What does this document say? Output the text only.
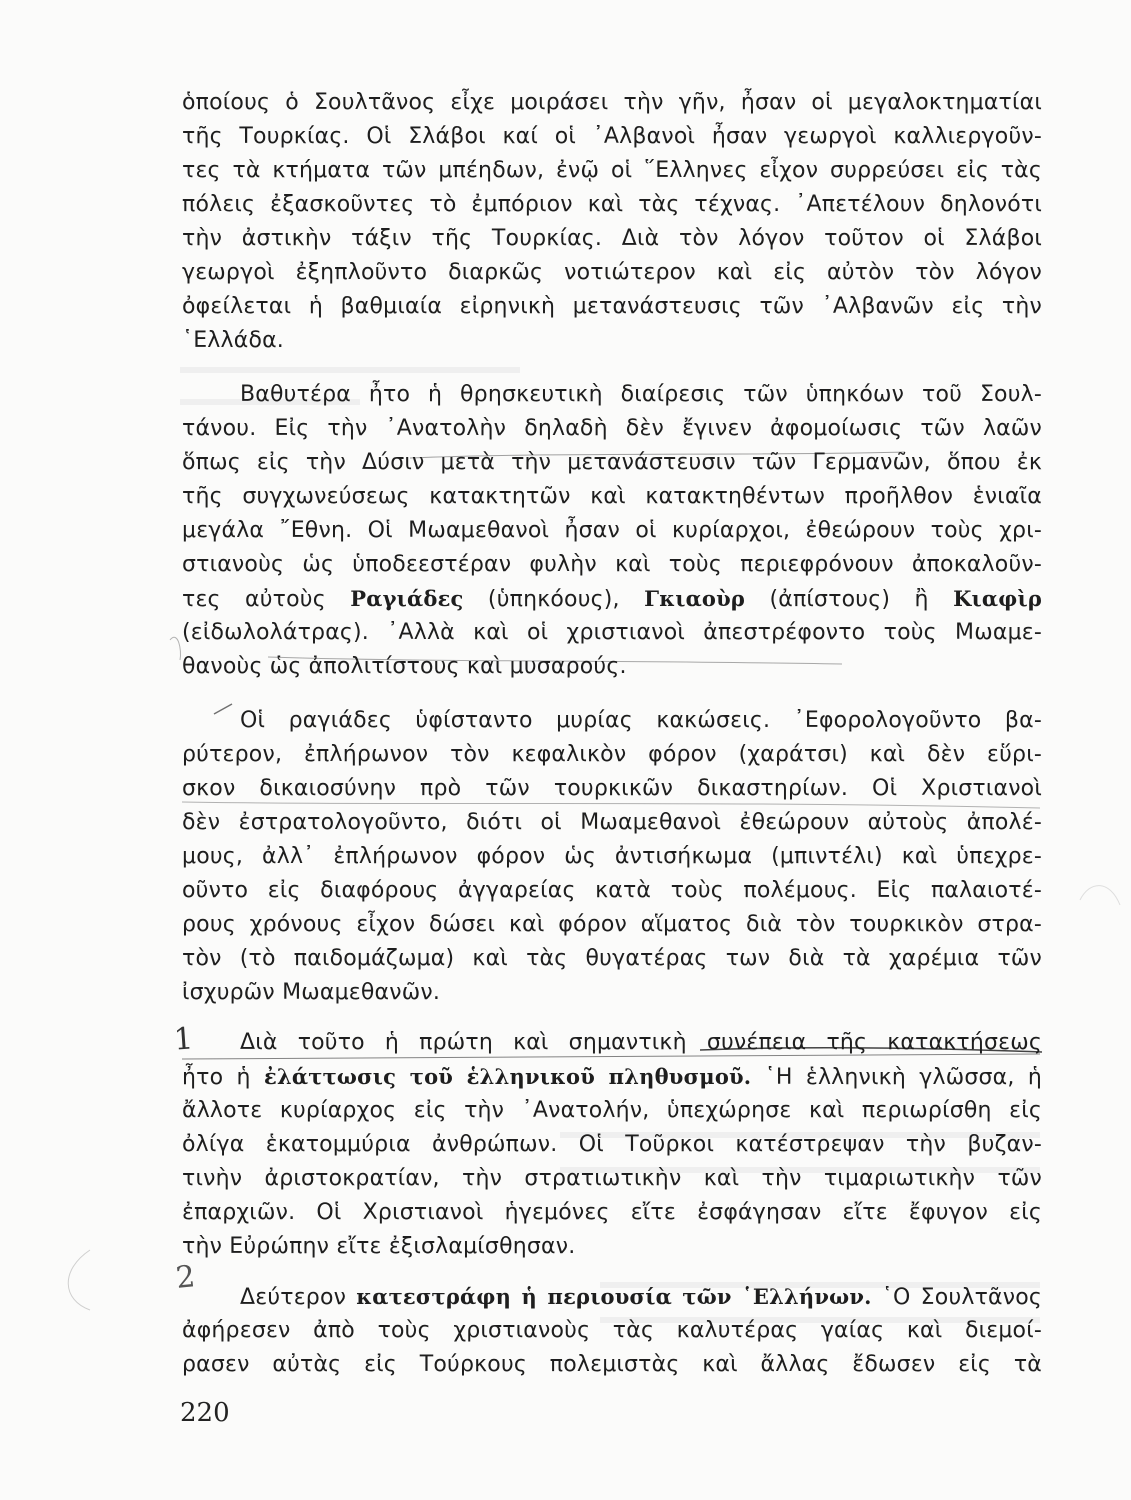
1
2
ὁποίους ὁ Σουλτᾶνος εἶχε μοιράσει τὴν γῆν, ἦσαν οἱ μεγαλοκτηματίαι
τῆς Τουρκίας. Οἱ Σλάβοι καί οἱ ᾿Αλβανοὶ ἦσαν γεωργοὶ καλλιεργοῦν-
τες τὰ κτήματα τῶν μπέηδων, ἐνῷ οἱ ῞Ελληνες εἶχον συρρεύσει εἰς τὰς
πόλεις ἐξασκοῦντες τὸ ἐμπόριον καὶ τὰς τέχνας. ᾿Απετέλουν δηλονότι
τὴν ἀστικὴν τάξιν τῆς Τουρκίας. Διὰ τὸν λόγον τοῦτον οἱ Σλάβοι
γεωργοὶ ἐξηπλοῦντο διαρκῶς νοτιώτερον καὶ εἰς αὐτὸν τὸν λόγον
ὀφείλεται ἡ βαθμιαία εἰρηνικὴ μετανάστευσις τῶν ᾿Αλβανῶν εἰς τὴν
῾Ελλάδα.
Βαθυτέρα ἦτο ἡ θρησκευτικὴ διαίρεσις τῶν ὑπηκόων τοῦ Σουλ-
τάνου. Εἰς τὴν ᾿Ανατολὴν δηλαδὴ δὲν ἔγινεν ἀφομοίωσις τῶν λαῶν
ὅπως εἰς τὴν Δύσιν μετὰ τὴν μετανάστευσιν τῶν Γερμανῶν, ὅπου ἐκ
τῆς συγχωνεύσεως κατακτητῶν καὶ κατακτηθέντων προῆλθον ἑνιαῖα
μεγάλα ῎Εθνη. Οἱ Μωαμεθανοὶ ἦσαν οἱ κυρίαρχοι, ἐθεώρουν τοὺς χρι-
στιανοὺς ὡς ὑποδεεστέραν φυλὴν καὶ τοὺς περιεφρόνουν ἀποκαλοῦν-
τες αὐτοὺς Ραγιάδες (ὑπηκόους), Γκιαοὺρ (ἀπίστους) ἢ Κιαφὶρ
(εἰδωλολάτρας). ᾿Αλλὰ καὶ οἱ χριστιανοὶ ἀπεστρέφοντο τοὺς Μωαμε-
θανοὺς ὡς ἀπολιτίστους καὶ μυσαρούς.
Οἱ ραγιάδες ὑφίσταντο μυρίας κακώσεις. ᾿Εφορολογοῦντο βα-
ρύτερον, ἐπλήρωνον τὸν κεφαλικὸν φόρον (χαράτσι) καὶ δὲν εὕρι-
σκον δικαιοσύνην πρὸ τῶν τουρκικῶν δικαστηρίων. Οἱ Χριστιανοὶ
δὲν ἐστρατολογοῦντο, διότι οἱ Μωαμεθανοὶ ἐθεώρουν αὐτοὺς ἀπολέ-
μους, ἀλλ᾿ ἐπλήρωνον φόρον ὡς ἀντισήκωμα (μπιντέλι) καὶ ὑπεχρε-
οῦντο εἰς διαφόρους ἀγγαρείας κατὰ τοὺς πολέμους. Εἰς παλαιοτέ-
ρους χρόνους εἶχον δώσει καὶ φόρον αἵματος διὰ τὸν τουρκικὸν στρα-
τὸν (τὸ παιδομάζωμα) καὶ τὰς θυγατέρας των διὰ τὰ χαρέμια τῶν
ἰσχυρῶν Μωαμεθανῶν.
Διὰ τοῦτο ἡ πρώτη καὶ σημαντικὴ συνέπεια τῆς κατακτήσεως
ἦτο ἡ ἐλάττωσις τοῦ ἑλληνικοῦ πληθυσμοῦ. ῾Η ἑλληνικὴ γλῶσσα, ἡ
ἄλλοτε κυρίαρχος εἰς τὴν ᾿Ανατολήν, ὑπεχώρησε καὶ περιωρίσθη εἰς
ὀλίγα ἑκατομμύρια ἀνθρώπων. Οἱ Τοῦρκοι κατέστρεψαν τὴν βυζαν-
τινὴν ἀριστοκρατίαν, τὴν στρατιωτικὴν καὶ τὴν τιμαριωτικὴν τῶν
ἐπαρχιῶν. Οἱ Χριστιανοὶ ἡγεμόνες εἴτε ἐσφάγησαν εἴτε ἔφυγον εἰς
τὴν Εὐρώπην εἴτε ἐξισλαμίσθησαν.
Δεύτερον κατεστράφη ἡ περιουσία τῶν ῾Ελλήνων. ῾Ο Σουλτᾶνος
ἀφήρεσεν ἀπὸ τοὺς χριστιανοὺς τὰς καλυτέρας γαίας καὶ διεμοί-
ρασεν αὐτὰς εἰς Τούρκους πολεμιστὰς καὶ ἄλλας ἔδωσεν εἰς τὰ
220
